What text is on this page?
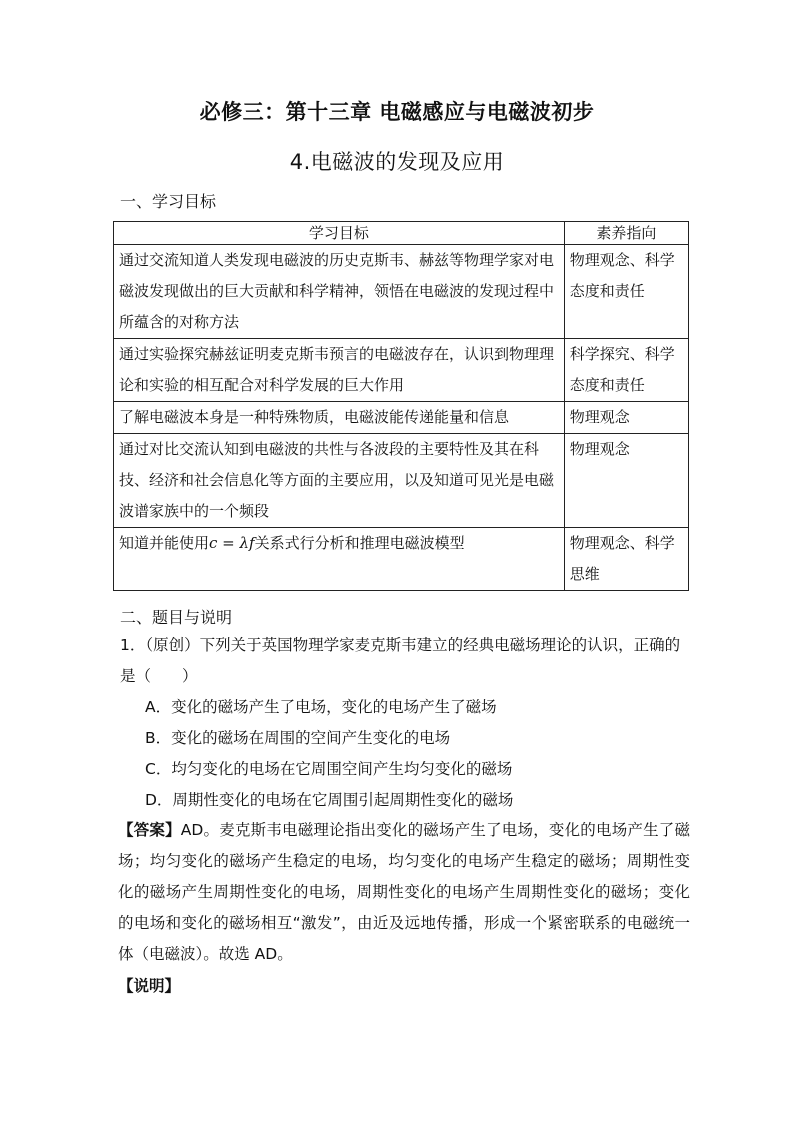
必修三：第十三章 电磁感应与电磁波初步
4.电磁波的发现及应用
一、学习目标
学习目标	素养指向
通过交流知道人类发现电磁波的历史克斯韦、赫兹等物理学家对电磁波发现做出的巨大贡献和科学精神，领悟在电磁波的发现过程中所蕴含的对称方法	物理观念、科学态度和责任
通过实验探究赫兹证明麦克斯韦预言的电磁波存在，认识到物理理论和实验的相互配合对科学发展的巨大作用	科学探究、科学态度和责任
了解电磁波本身是一种特殊物质，电磁波能传递能量和信息	物理观念
通过对比交流认知到电磁波的共性与各波段的主要特性及其在科技、经济和社会信息化等方面的主要应用，以及知道可见光是电磁波谱家族中的一个频段	物理观念
知道并能使用c = λf关系式行分析和推理电磁波模型	物理观念、科学思维
二、题目与说明
1．（原创）下列关于英国物理学家麦克斯韦建立的经典电磁场理论的认识，正确的是（　　）
A．变化的磁场产生了电场，变化的电场产生了磁场
B．变化的磁场在周围的空间产生变化的电场
C．均匀变化的电场在它周围空间产生均匀变化的磁场
D．周期性变化的电场在它周围引起周期性变化的磁场
【答案】AD。麦克斯韦电磁理论指出变化的磁场产生了电场，变化的电场产生了磁场；均匀变化的磁场产生稳定的电场，均匀变化的电场产生稳定的磁场；周期性变化的磁场产生周期性变化的电场，周期性变化的电场产生周期性变化的磁场；变化的电场和变化的磁场相互“激发”，由近及远地传播，形成一个紧密联系的电磁统一体（电磁波）。故选 AD。
【说明】
